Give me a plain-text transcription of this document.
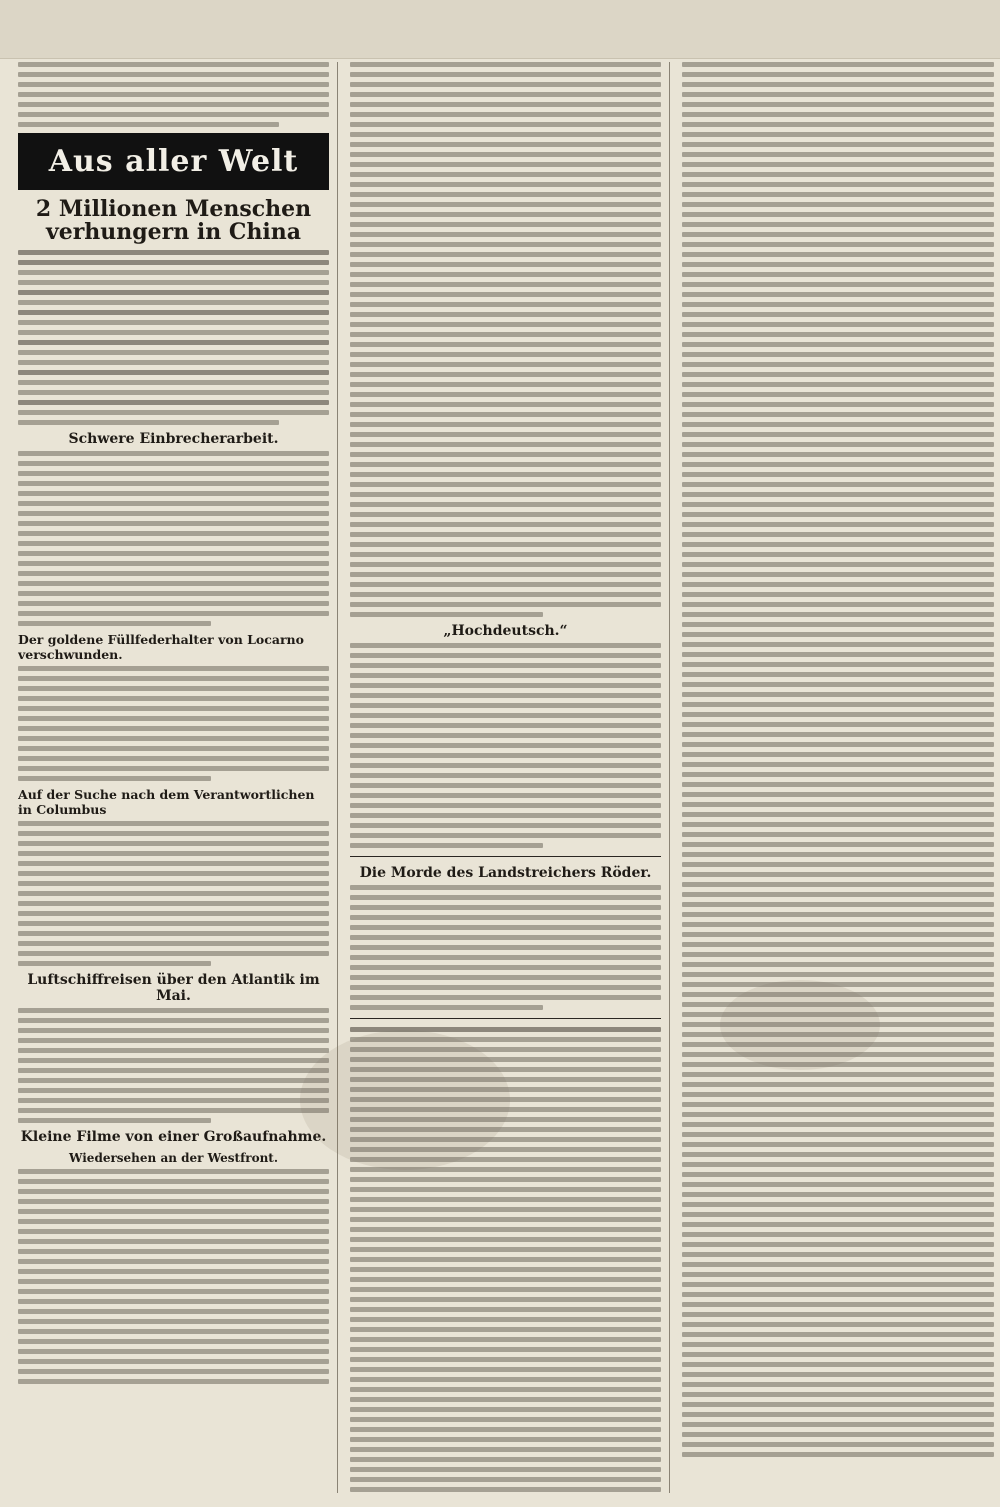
Aus aller Welt
2 Millionen Menschen verhungern in China
Schwere Einbrecherarbeit.
Der goldene Füllfederhalter von Locarno verschwunden.
Auf der Suche nach dem Verantwortlichen in Columbus
Luftschiffreisen über den Atlantik im Mai.
Kleine Filme von einer Großaufnahme.
Wiedersehen an der Westfront.
„Hochdeutsch.“
Die Morde des Landstreichers Röder.
